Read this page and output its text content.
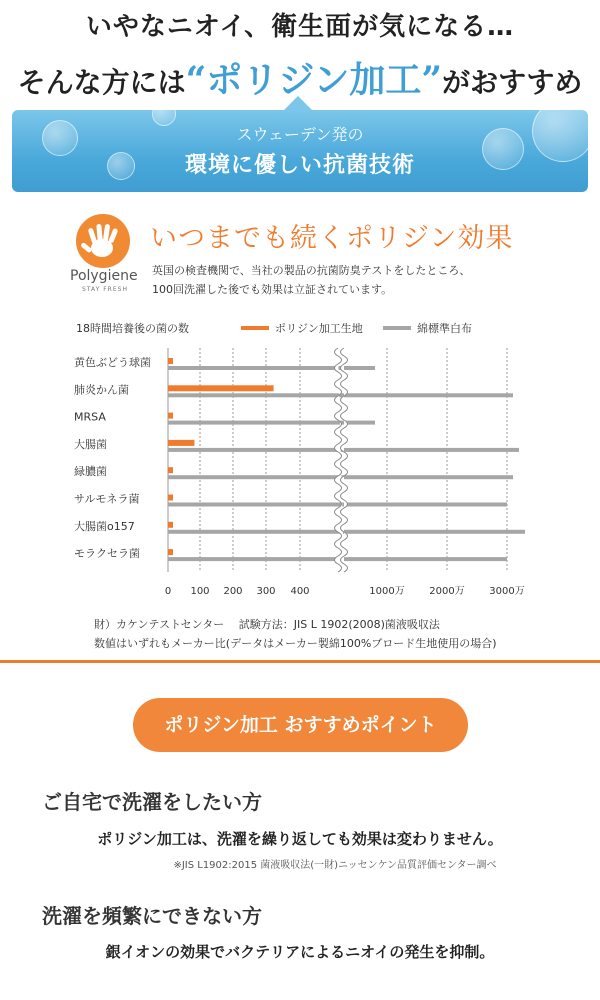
いやなニオイ、衛生面が気になる…
そんな方には“ポリジン加工”がおすすめ
スウェーデン発の
環境に優しい抗菌技術
Polygiene
STAY FRESH
いつまでも続くポリジン効果
英国の検査機関で、当社の製品の抗菌防臭テストをしたところ、
100回洗濯した後でも効果は立証されています。
18時間培養後の菌の数	ポリジン加工生地	綿標準白布
黄色ぶどう球菌
肺炎かん菌
MRSA
大腸菌
緑膿菌
サルモネラ菌
大腸菌o157
モラクセラ菌
0 100 200 300 400	1000万 2000万 3000万
財）カケンテストセンター　 試験方法：JIS L 1902(2008)菌液吸収法
数値はいずれもメーカー比(データはメーカー製綿100%ブロード生地使用の場合)
ポリジン加工 おすすめポイント
ご自宅で洗濯をしたい方
ポリジン加工は、洗濯を繰り返しても効果は変わりません。
※JIS L1902:2015 菌液吸収法(一財)ニッセンケン品質評価センター調べ
洗濯を頻繁にできない方
銀イオンの効果でバクテリアによるニオイの発生を抑制。
